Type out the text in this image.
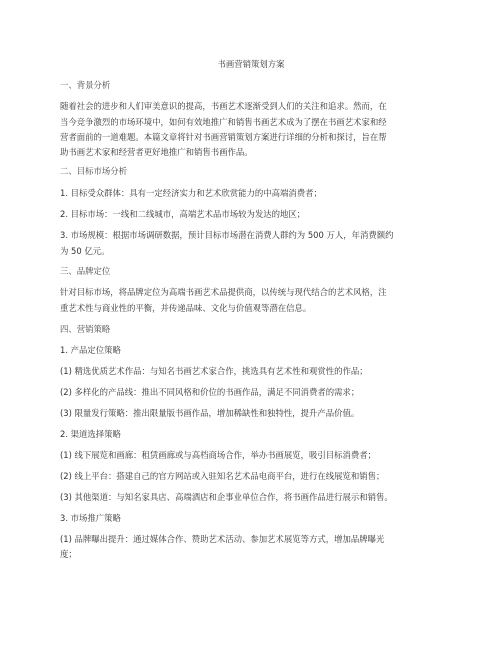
书画营销策划方案
一、背景分析
随着社会的进步和人们审美意识的提高，书画艺术逐渐受到人们的关注和追求。然而，在
当今竞争激烈的市场环境中，如何有效地推广和销售书画艺术成为了摆在书画艺术家和经
营者面前的一道难题。本篇文章将针对书画营销策划方案进行详细的分析和探讨，旨在帮
助书画艺术家和经营者更好地推广和销售书画作品。
二、目标市场分析
1. 目标受众群体：具有一定经济实力和艺术欣赏能力的中高端消费者；
2. 目标市场：一线和二线城市，高端艺术品市场较为发达的地区；
3. 市场规模：根据市场调研数据，预计目标市场潜在消费人群约为 500 万人，年消费额约
为 50 亿元。
三、品牌定位
针对目标市场，将品牌定位为高端书画艺术品提供商，以传统与现代结合的艺术风格，注
重艺术性与商业性的平衡，并传递品味、文化与价值观等潜在信息。
四、营销策略
1. 产品定位策略
(1) 精选优质艺术作品：与知名书画艺术家合作，挑选具有艺术性和观赏性的作品；
(2) 多样化的产品线：推出不同风格和价位的书画作品，满足不同消费者的需求；
(3) 限量发行策略：推出限量版书画作品，增加稀缺性和独特性，提升产品价值。
2. 渠道选择策略
(1) 线下展览和画廊：租赁画廊或与高档商场合作，举办书画展览，吸引目标消费者；
(2) 线上平台：搭建自己的官方网站或入驻知名艺术品电商平台，进行在线展览和销售；
(3) 其他渠道：与知名家具店、高端酒店和企事业单位合作，将书画作品进行展示和销售。
3. 市场推广策略
(1) 品牌曝出提升：通过媒体合作、赞助艺术活动、参加艺术展览等方式，增加品牌曝光
度；
